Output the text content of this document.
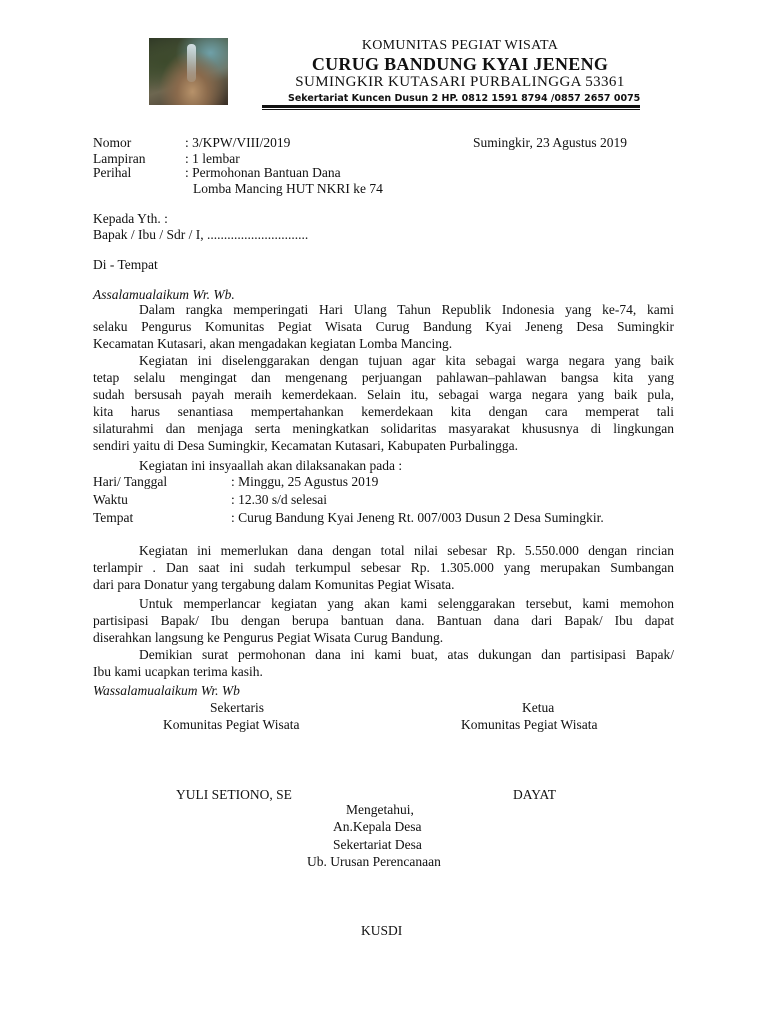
KOMUNITAS PEGIAT WISATA
CURUG BANDUNG KYAI JENENG
SUMINGKIR KUTASARI PURBALINGGA 53361
Sekertariat Kuncen Dusun 2 HP. 0812 1591 8794 /0857 2657 0075
Nomor	: 3/KPW/VIII/2019	Sumingkir, 23 Agustus 2019
Lampiran	: 1 lembar
Perihal	: Permohonan Bantuan Dana
Lomba Mancing HUT NKRI ke 74
Kepada Yth. :
Bapak / Ibu / Sdr / I, ..............................
Di - Tempat
Assalamualaikum Wr. Wb.
Dalam rangka memperingati Hari Ulang Tahun Republik Indonesia yang ke-74, kami
selaku Pengurus Komunitas Pegiat Wisata Curug Bandung Kyai Jeneng Desa Sumingkir
Kecamatan Kutasari, akan mengadakan kegiatan Lomba Mancing.
Kegiatan ini diselenggarakan dengan tujuan agar kita sebagai warga negara yang baik
tetap selalu mengingat dan mengenang perjuangan pahlawan–pahlawan bangsa kita yang
sudah bersusah payah meraih kemerdekaan. Selain itu, sebagai warga negara yang baik pula,
kita harus senantiasa mempertahankan kemerdekaan kita dengan cara memperat tali
silaturahmi dan menjaga serta meningkatkan solidaritas masyarakat khususnya di lingkungan
sendiri yaitu di Desa Sumingkir, Kecamatan Kutasari, Kabupaten Purbalingga.
Kegiatan ini insyaallah akan dilaksanakan pada :
Hari/ Tanggal	: Minggu, 25 Agustus 2019
Waktu	: 12.30 s/d selesai
Tempat	: Curug Bandung Kyai Jeneng Rt. 007/003 Dusun 2 Desa Sumingkir.
Kegiatan ini memerlukan dana dengan total nilai sebesar Rp. 5.550.000 dengan rincian
terlampir . Dan saat ini sudah terkumpul sebesar Rp. 1.305.000 yang merupakan Sumbangan
dari para Donatur yang tergabung dalam Komunitas Pegiat Wisata.
Untuk memperlancar kegiatan yang akan kami selenggarakan tersebut, kami memohon
partisipasi Bapak/ Ibu dengan berupa bantuan dana. Bantuan dana dari Bapak/ Ibu dapat
diserahkan langsung ke Pengurus Pegiat Wisata Curug Bandung.
Demikian surat permohonan dana ini kami buat, atas dukungan dan partisipasi Bapak/
Ibu kami ucapkan terima kasih.
Wassalamualaikum Wr. Wb
Sekertaris
Komunitas Pegiat Wisata
Ketua
Komunitas Pegiat Wisata
YULI SETIONO, SE	DAYAT
Mengetahui,
An.Kepala Desa
Sekertariat Desa
Ub. Urusan Perencanaan
KUSDI
